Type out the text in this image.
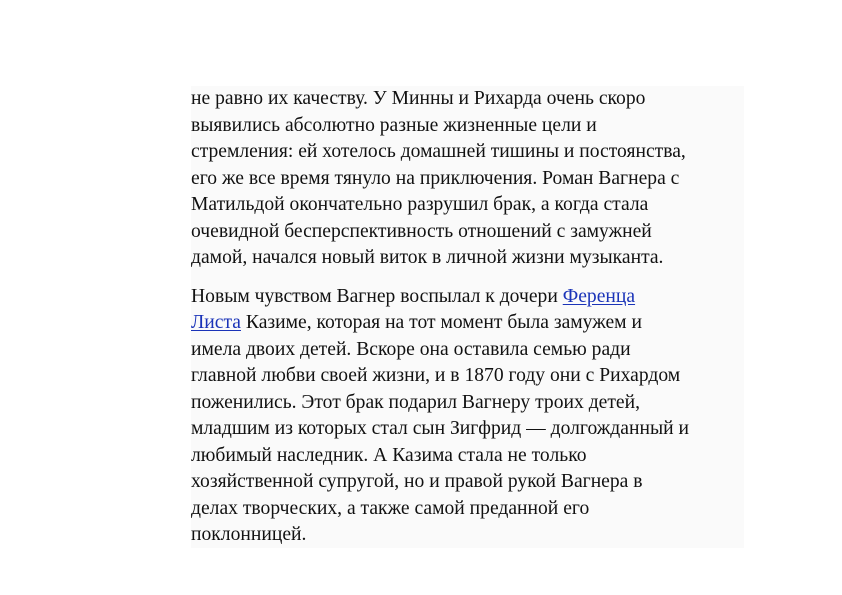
не равно их качеству. У Минны и Рихарда очень скоро
выявились абсолютно разные жизненные цели и
стремления: ей хотелось домашней тишины и постоянства,
его же все время тянуло на приключения. Роман Вагнера с
Матильдой окончательно разрушил брак, а когда стала
очевидной бесперспективность отношений с замужней
дамой, начался новый виток в личной жизни музыканта.

Новым чувством Вагнер воспылал к дочери Ференца
Листа Казиме, которая на тот момент была замужем и
имела двоих детей. Вскоре она оставила семью ради
главной любви своей жизни, и в 1870 году они с Рихардом
поженились. Этот брак подарил Вагнеру троих детей,
младшим из которых стал сын Зигфрид — долгожданный и
любимый наследник. А Казима стала не только
хозяйственной супругой, но и правой рукой Вагнера в
делах творческих, а также самой преданной его
поклонницей.
